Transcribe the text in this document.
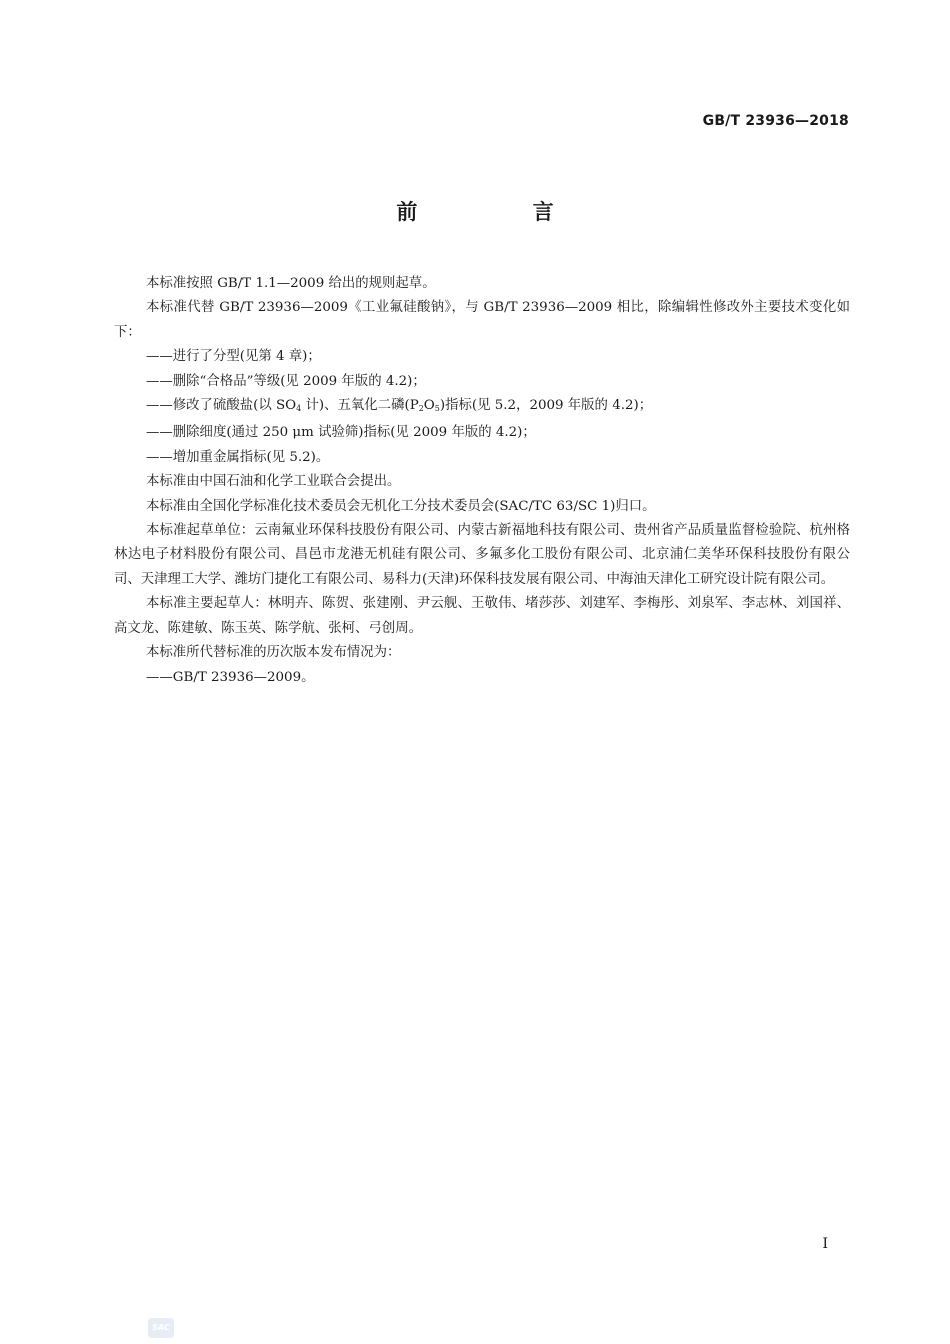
GB/T 23936—2018
前 言

本标准按照 GB/T 1.1—2009 给出的规则起草。

本标准代替 GB/T 23936—2009《工业氟硅酸钠》，与 GB/T 23936—2009 相比，除编辑性修改外主要技术变化如下：

——进行了分型(见第 4 章)；

——删除“合格品”等级(见 2009 年版的 4.2)；

——修改了硫酸盐(以 $SO_4$ 计)、五氧化二磷$(P_2O_5)$指标(见 5.2，2009 年版的 4.2)；

——删除细度(通过 250 μm 试验筛)指标(见 2009 年版的 4.2)；

——增加重金属指标(见 5.2)。

本标准由中国石油和化学工业联合会提出。

本标准由全国化学标准化技术委员会无机化工分技术委员会(SAC/TC 63/SC 1)归口。

本标准起草单位：云南氟业环保科技股份有限公司、内蒙古新福地科技有限公司、贵州省产品质量监督检验院、杭州格林达电子材料股份有限公司、昌邑市龙港无机硅有限公司、多氟多化工股份有限公司、北京浦仁美华环保科技股份有限公司、天津理工大学、潍坊门捷化工有限公司、易科力(天津)环保科技发展有限公司、中海油天津化工研究设计院有限公司。

本标准主要起草人：林明卉、陈贺、张建刚、尹云舰、王敬伟、堵莎莎、刘建军、李梅彤、刘泉军、李志林、刘国祥、高文龙、陈建敏、陈玉英、陈学航、张柯、弓创周。

本标准所代替标准的历次版本发布情况为：

——GB/T 23936—2009。

I
SAC
